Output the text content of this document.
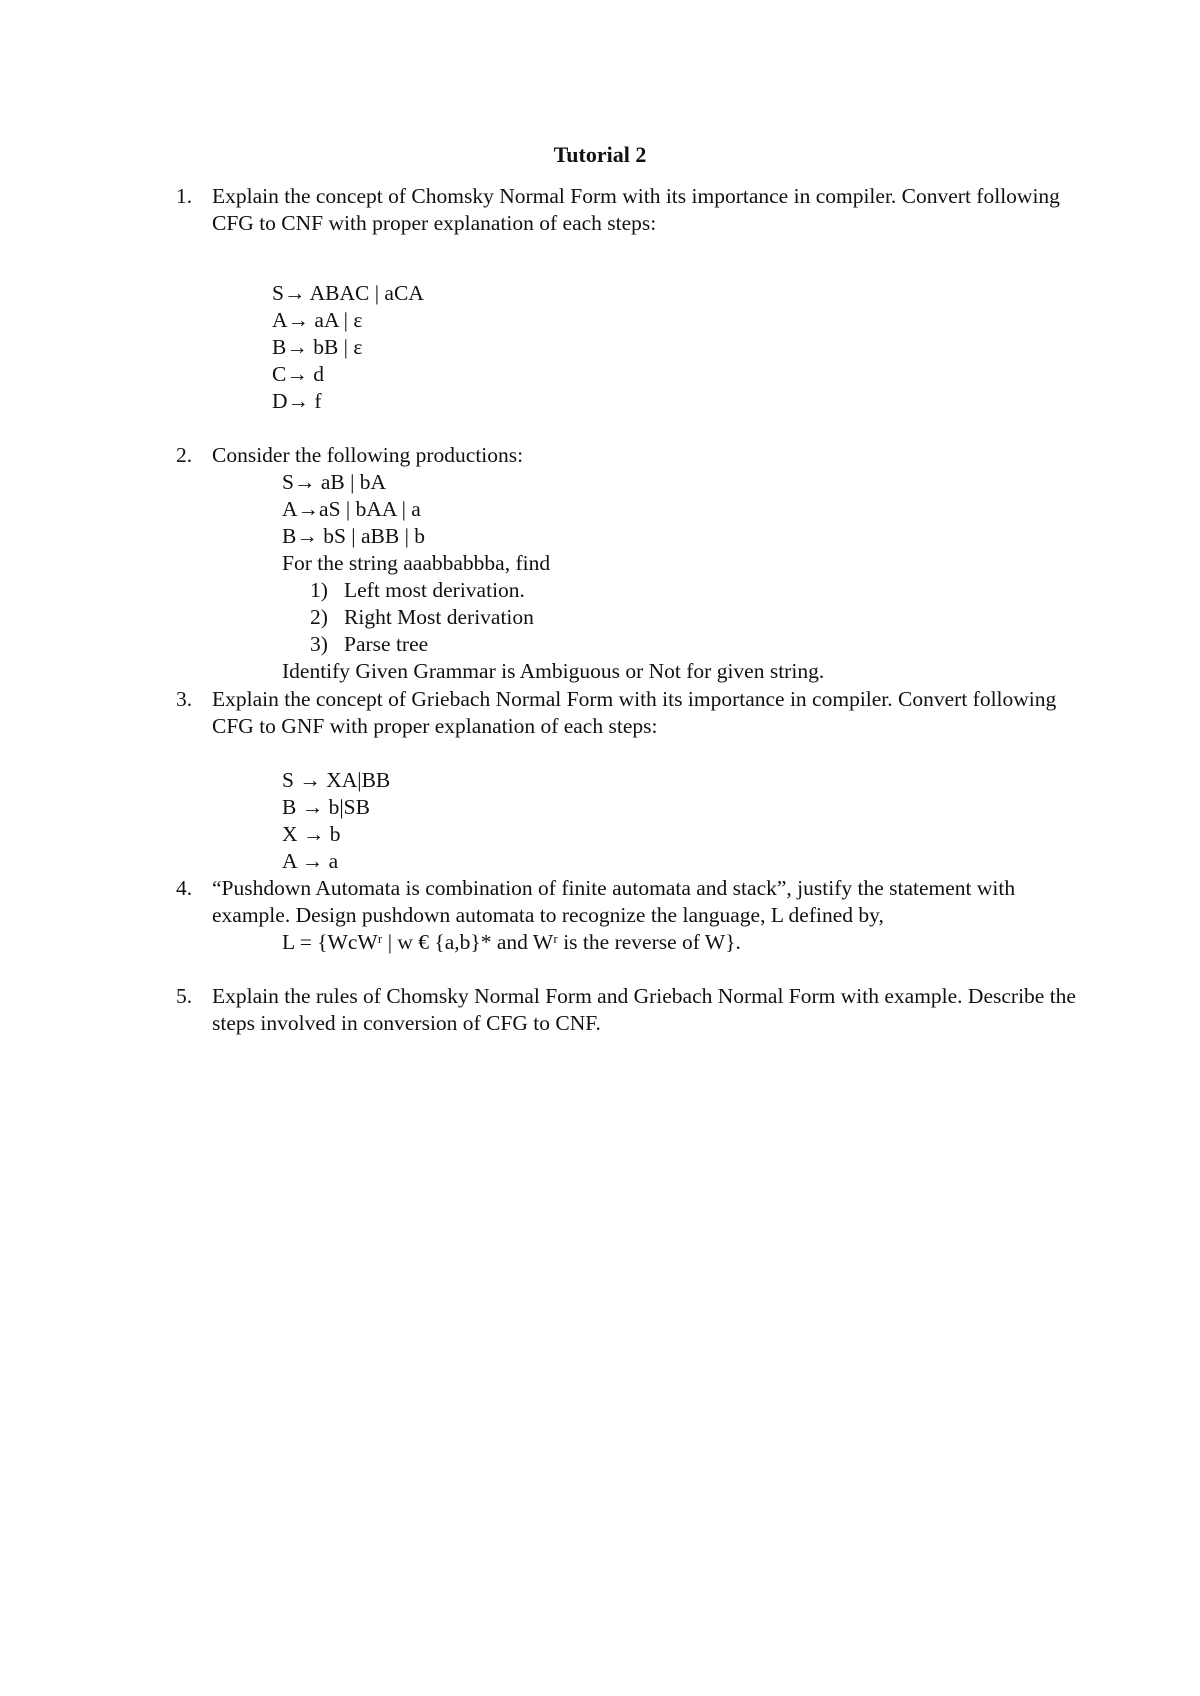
Tutorial 2
1. Explain the concept of Chomsky Normal Form with its importance in compiler. Convert following CFG to CNF with proper explanation of each steps:
S→ ABAC | aCA
A→ aA | ε
B→ bB | ε
C→ d
D→ f
2. Consider the following productions:
S→ aB | bA
A→aS | bAA | a
B→ bS | aBB | b
For the string aaabbabbba, find
1) Left most derivation.
2) Right Most derivation
3) Parse tree
Identify Given Grammar is Ambiguous or Not for given string.
3. Explain the concept of Griebach Normal Form with its importance in compiler. Convert following CFG to GNF with proper explanation of each steps:
S → XA|BB
B → b|SB
X → b
A → a
4. “Pushdown Automata is combination of finite automata and stack”, justify the statement with example. Design pushdown automata to recognize the language, L defined by,
L = {WcWʳ | w € {a,b}* and Wʳ is the reverse of W}.
5. Explain the rules of Chomsky Normal Form and Griebach Normal Form with example. Describe the steps involved in conversion of CFG to CNF.
